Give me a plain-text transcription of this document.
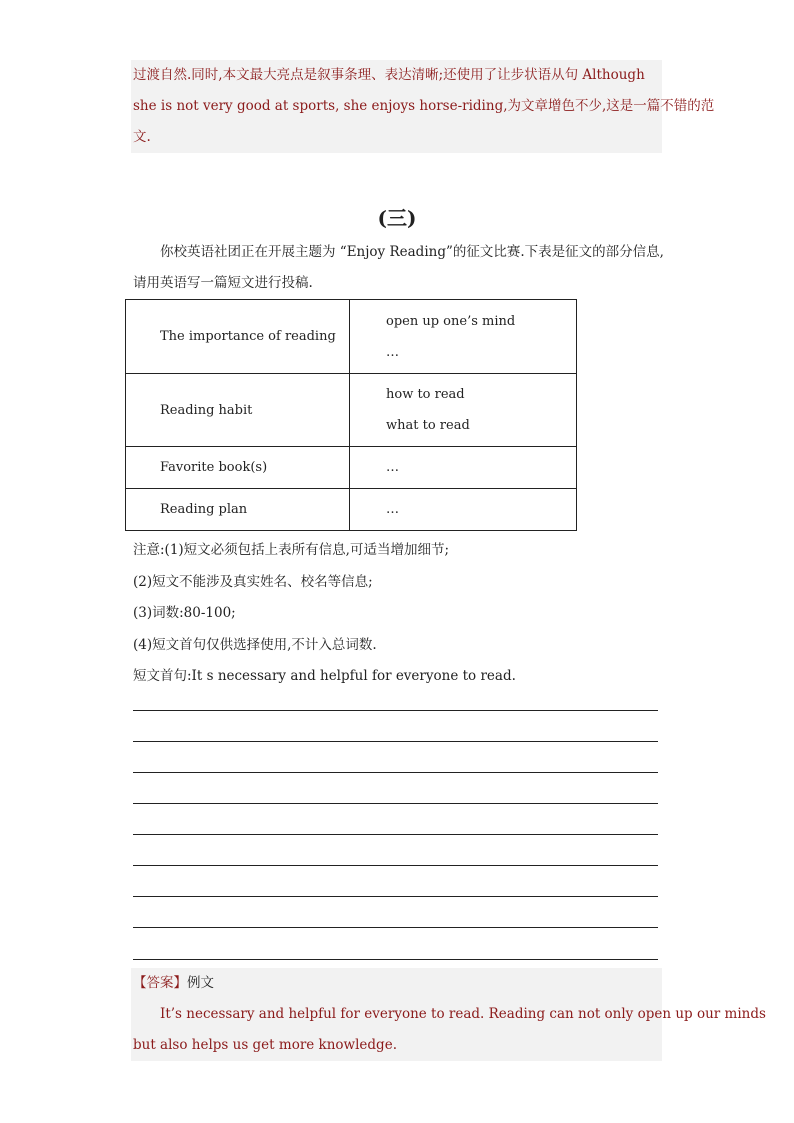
过渡自然.同时,本文最大亮点是叙事条理、表达清晰;还使用了让步状语从句 Although
she is not very good at sports, she enjoys horse-riding,为文章增色不少,这是一篇不错的范
文.
(三)
你校英语社团正在开展主题为 “Enjoy Reading”的征文比赛.下表是征文的部分信息,
请用英语写一篇短文进行投稿.
The importance of reading	open up one’s mind
…

Reading habit	how to read
what to read

Favorite book(s)	…

Reading plan	…
注意:(1)短文必须包括上表所有信息,可适当增加细节;
(2)短文不能涉及真实姓名、校名等信息;
(3)词数:80-100;
(4)短文首句仅供选择使用,不计入总词数.
短文首句:It s necessary and helpful for everyone to read.
【答案】例文
It’s necessary and helpful for everyone to read. Reading can not only open up our minds
but also helps us get more knowledge.
